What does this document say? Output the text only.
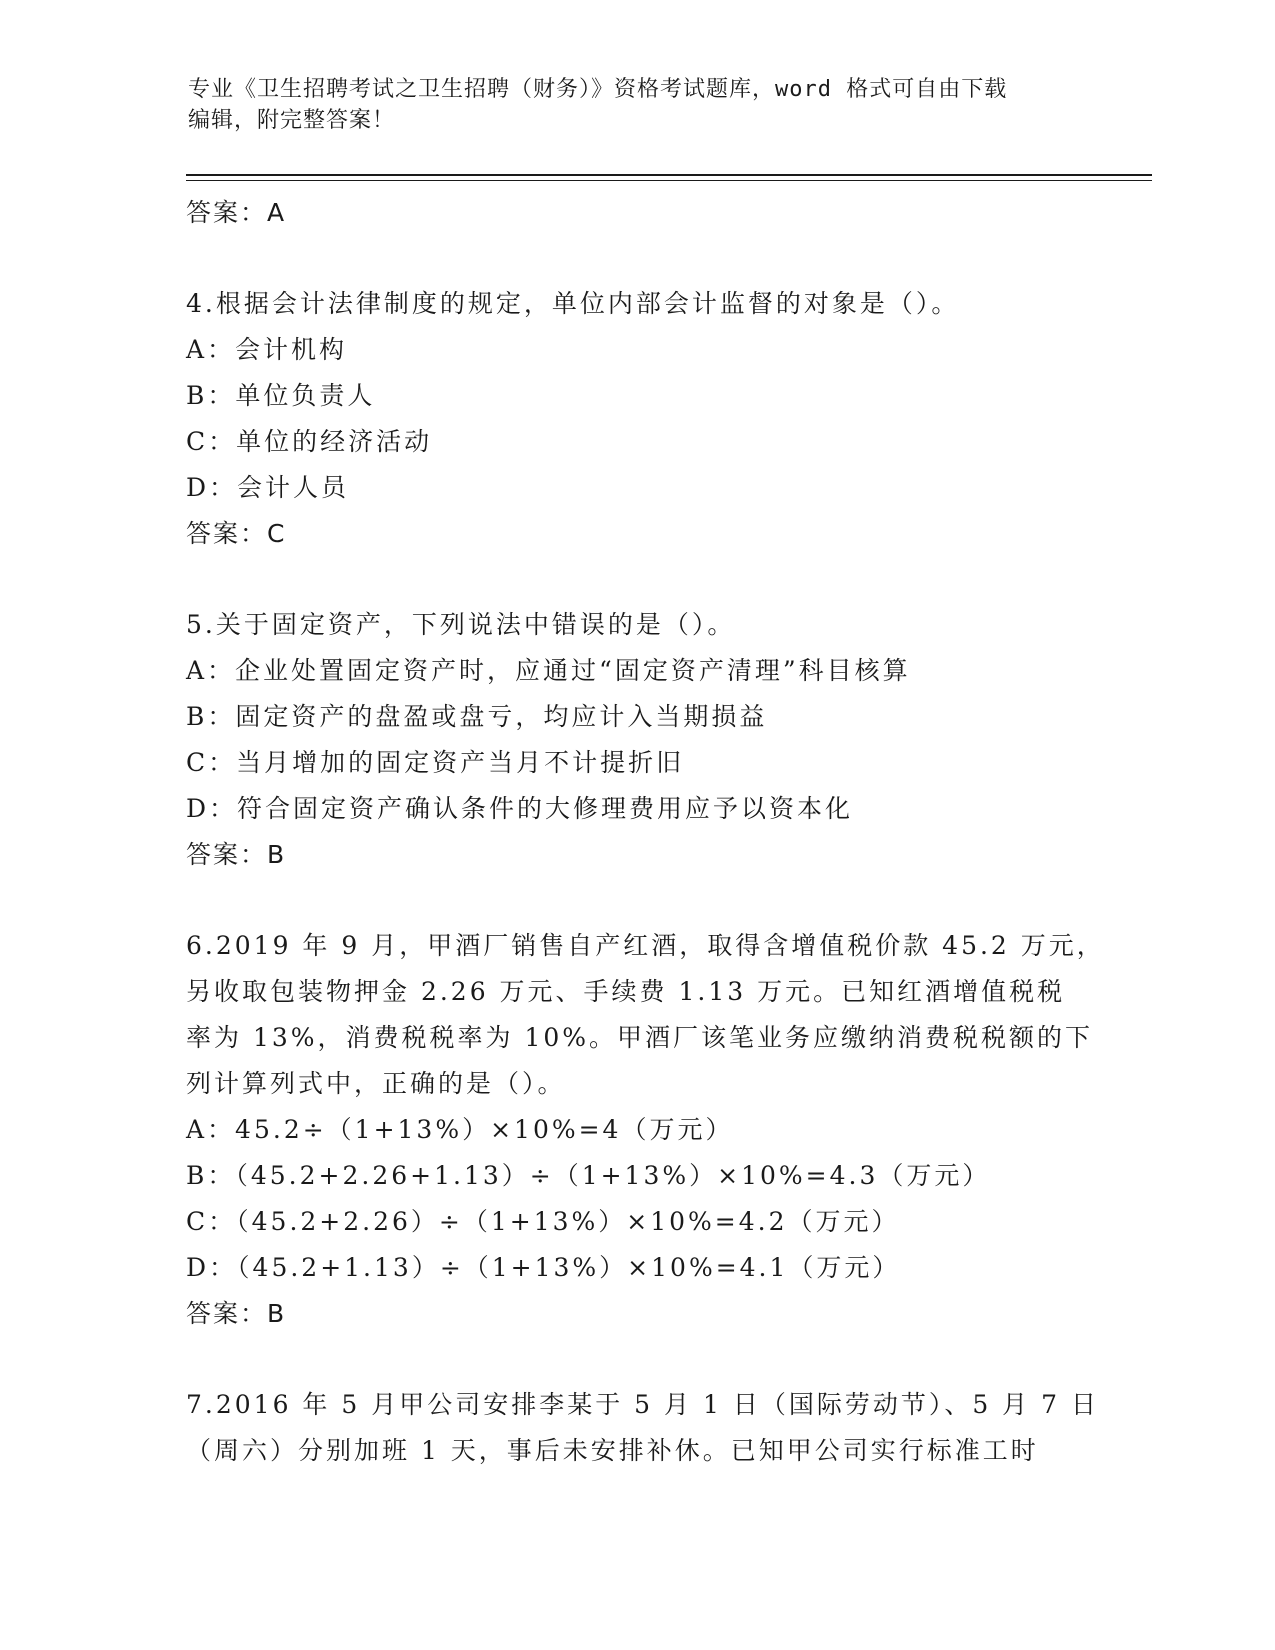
专业《卫生招聘考试之卫生招聘（财务）》资格考试题库，word 格式可自由下载
编辑，附完整答案！
答案：A
4.根据会计法律制度的规定，单位内部会计监督的对象是（）。
A：会计机构
B：单位负责人
C：单位的经济活动
D：会计人员
答案：C
5.关于固定资产，下列说法中错误的是（）。
A：企业处置固定资产时，应通过“固定资产清理”科目核算
B：固定资产的盘盈或盘亏，均应计入当期损益
C：当月增加的固定资产当月不计提折旧
D：符合固定资产确认条件的大修理费用应予以资本化
答案：B
6.2019 年 9 月，甲酒厂销售自产红酒，取得含增值税价款 45.2 万元，
另收取包装物押金 2.26 万元、手续费 1.13 万元。已知红酒增值税税
率为 13%，消费税税率为 10%。甲酒厂该笔业务应缴纳消费税税额的下
列计算列式中，正确的是（）。
A：45.2÷（1+13%）×10%=4（万元）
B：（45.2+2.26+1.13）÷（1+13%）×10%=4.3（万元）
C：（45.2+2.26）÷（1+13%）×10%=4.2（万元）
D：（45.2+1.13）÷（1+13%）×10%=4.1（万元）
答案：B
7.2016 年 5 月甲公司安排李某于 5 月 1 日（国际劳动节）、5 月 7 日
（周六）分别加班 1 天，事后未安排补休。已知甲公司实行标准工时
